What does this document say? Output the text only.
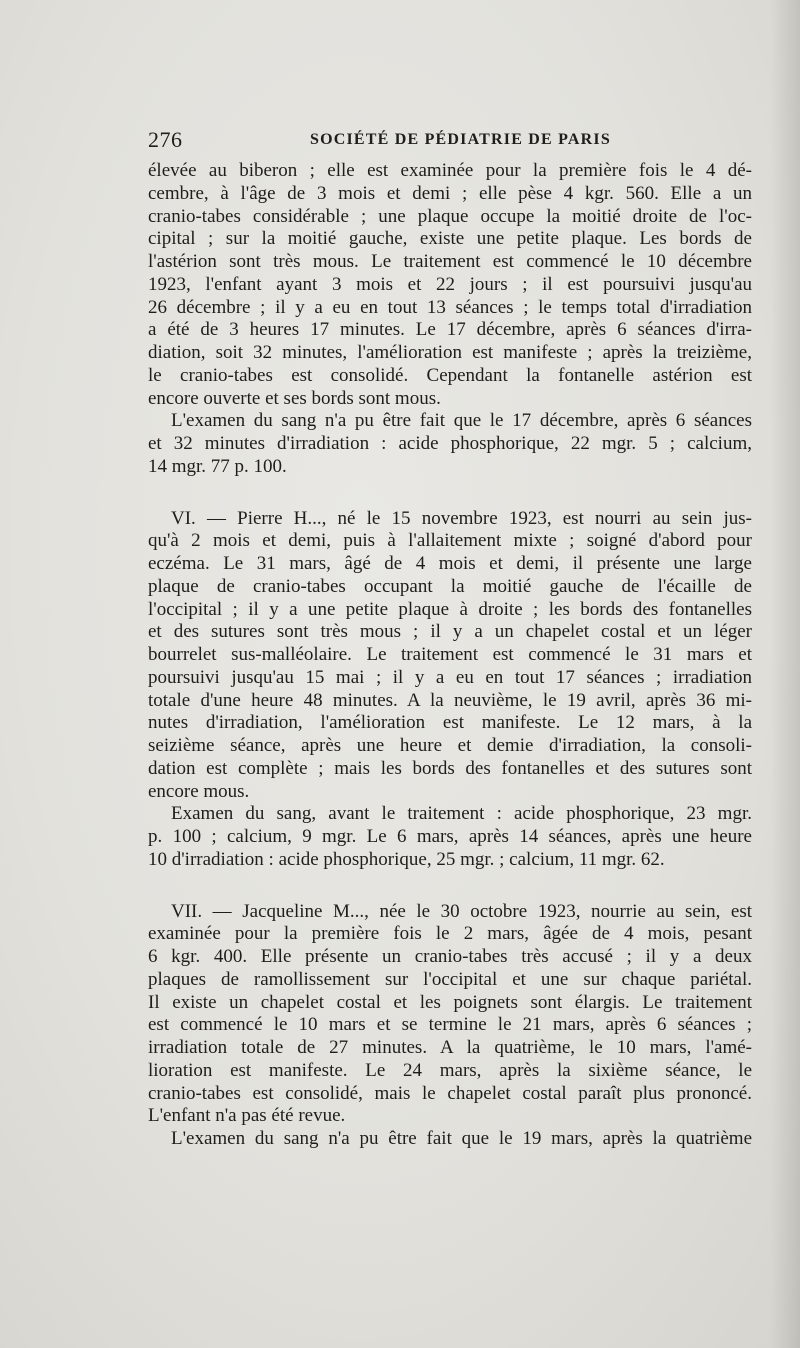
276	SOCIÉTÉ DE PÉDIATRIE DE PARIS
élevée au biberon ; elle est examinée pour la première fois le 4 dé-
cembre, à l'âge de 3 mois et demi ; elle pèse 4 kgr. 560. Elle a un
cranio-tabes considérable ; une plaque occupe la moitié droite de l'oc-
cipital ; sur la moitié gauche, existe une petite plaque. Les bords de
l'astérion sont très mous. Le traitement est commencé le 10 décembre
1923, l'enfant ayant 3 mois et 22 jours ; il est poursuivi jusqu'au
26 décembre ; il y a eu en tout 13 séances ; le temps total d'irradiation
a été de 3 heures 17 minutes. Le 17 décembre, après 6 séances d'irra-
diation, soit 32 minutes, l'amélioration est manifeste ; après la treizième,
le cranio-tabes est consolidé. Cependant la fontanelle astérion est
encore ouverte et ses bords sont mous.
L'examen du sang n'a pu être fait que le 17 décembre, après 6 séances
et 32 minutes d'irradiation : acide phosphorique, 22 mgr. 5 ; calcium,
14 mgr. 77 p. 100.
VI. — Pierre H..., né le 15 novembre 1923, est nourri au sein jus-
qu'à 2 mois et demi, puis à l'allaitement mixte ; soigné d'abord pour
eczéma. Le 31 mars, âgé de 4 mois et demi, il présente une large
plaque de cranio-tabes occupant la moitié gauche de l'écaille de
l'occipital ; il y a une petite plaque à droite ; les bords des fontanelles
et des sutures sont très mous ; il y a un chapelet costal et un léger
bourrelet sus-malléolaire. Le traitement est commencé le 31 mars et
poursuivi jusqu'au 15 mai ; il y a eu en tout 17 séances ; irradiation
totale d'une heure 48 minutes. A la neuvième, le 19 avril, après 36 mi-
nutes d'irradiation, l'amélioration est manifeste. Le 12 mars, à la
seizième séance, après une heure et demie d'irradiation, la consoli-
dation est complète ; mais les bords des fontanelles et des sutures sont
encore mous.
Examen du sang, avant le traitement : acide phosphorique, 23 mgr.
p. 100 ; calcium, 9 mgr. Le 6 mars, après 14 séances, après une heure
10 d'irradiation : acide phosphorique, 25 mgr. ; calcium, 11 mgr. 62.
VII. — Jacqueline M..., née le 30 octobre 1923, nourrie au sein, est
examinée pour la première fois le 2 mars, âgée de 4 mois, pesant
6 kgr. 400. Elle présente un cranio-tabes très accusé ; il y a deux
plaques de ramollissement sur l'occipital et une sur chaque pariétal.
Il existe un chapelet costal et les poignets sont élargis. Le traitement
est commencé le 10 mars et se termine le 21 mars, après 6 séances ;
irradiation totale de 27 minutes. A la quatrième, le 10 mars, l'amé-
lioration est manifeste. Le 24 mars, après la sixième séance, le
cranio-tabes est consolidé, mais le chapelet costal paraît plus prononcé.
L'enfant n'a pas été revue.
L'examen du sang n'a pu être fait que le 19 mars, après la quatrième
